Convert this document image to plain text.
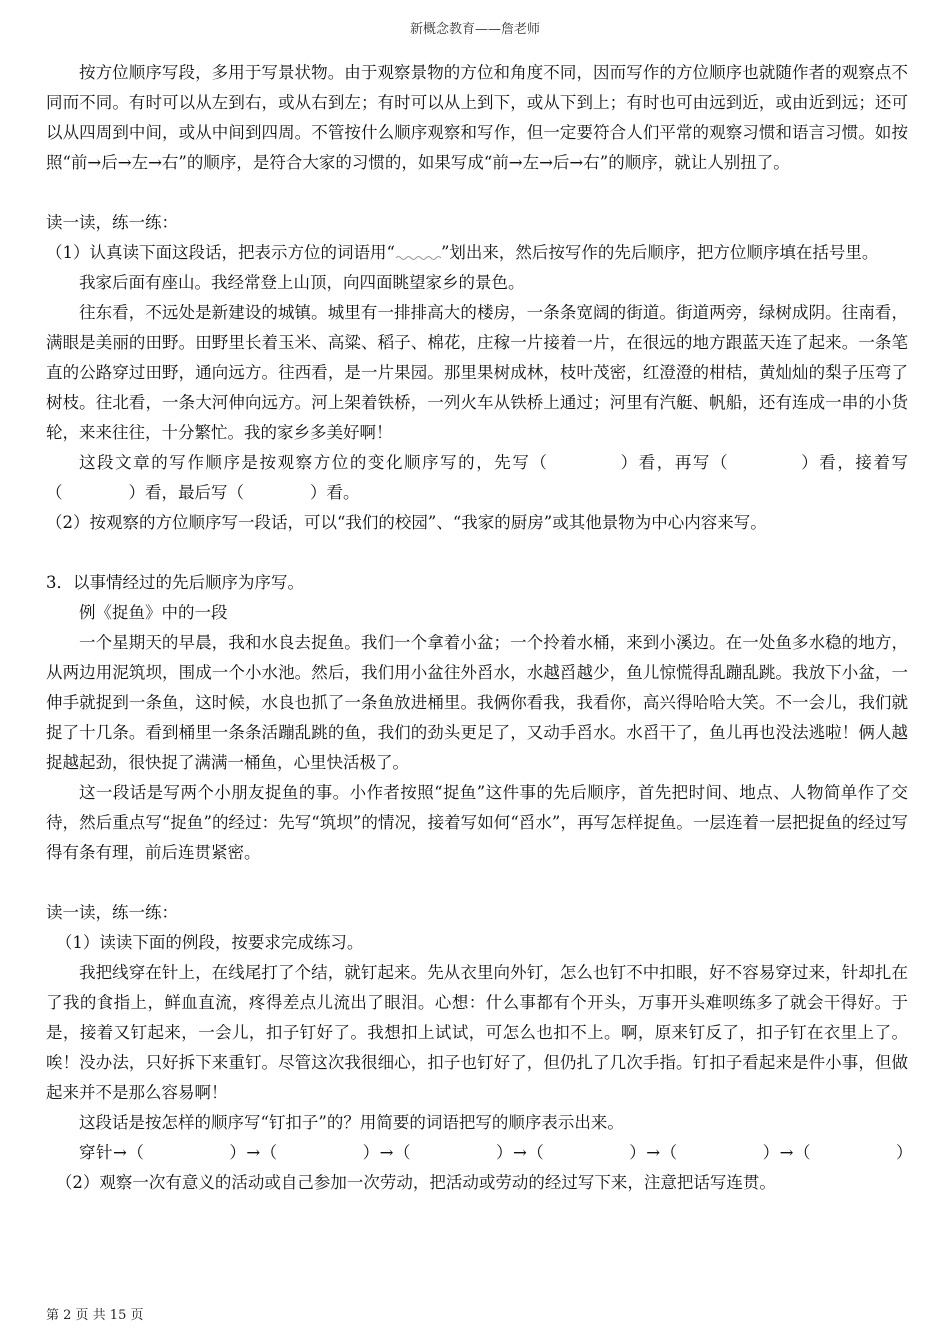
新概念教育——詹老师

按方位顺序写段，多用于写景状物。由于观察景物的方位和角度不同，因而写作的方位顺序也就随作者的观察点不同而不同。有时可以从左到右，或从右到左；有时可以从上到下，或从下到上；有时也可由远到近，或由近到远；还可以从四周到中间，或从中间到四周。不管按什么顺序观察和写作，但一定要符合人们平常的观察习惯和语言习惯。如按照“前→后→左→右”的顺序，是符合大家的习惯的，如果写成“前→左→后→右”的顺序，就让人别扭了。

读一读，练一练：

（1）认真读下面这段话，把表示方位的词语用“	”划出来，然后按写作的先后顺序，把方位顺序填在括号里。

我家后面有座山。我经常登上山顶，向四面眺望家乡的景色。

往东看，不远处是新建设的城镇。城里有一排排高大的楼房，一条条宽阔的街道。街道两旁，绿树成阴。往南看，满眼是美丽的田野。田野里长着玉米、高粱、稻子、棉花，庄稼一片接着一片，在很远的地方跟蓝天连了起来。一条笔直的公路穿过田野，通向远方。往西看，是一片果园。那里果树成林，枝叶茂密，红澄澄的柑桔，黄灿灿的梨子压弯了树枝。往北看，一条大河伸向远方。河上架着铁桥，一列火车从铁桥上通过；河里有汽艇、帆船，还有连成一串的小货轮，来来往往，十分繁忙。我的家乡多美好啊！

这段文章的写作顺序是按观察方位的变化顺序写的，先写（　　　　）看，再写（　　　　）看，接着写（　　　　）看，最后写（　　　　）看。

（2）按观察的方位顺序写一段话，可以“我们的校园”、“我家的厨房”或其他景物为中心内容来写。

3．以事情经过的先后顺序为序写。

例《捉鱼》中的一段

一个星期天的早晨，我和水良去捉鱼。我们一个拿着小盆；一个拎着水桶，来到小溪边。在一处鱼多水稳的地方，从两边用泥筑坝，围成一个小水池。然后，我们用小盆往外舀水，水越舀越少，鱼儿惊慌得乱蹦乱跳。我放下小盆，一伸手就捉到一条鱼，这时候，水良也抓了一条鱼放进桶里。我俩你看我，我看你，高兴得哈哈大笑。不一会儿，我们就捉了十几条。看到桶里一条条活蹦乱跳的鱼，我们的劲头更足了，又动手舀水。水舀干了，鱼儿再也没法逃啦！俩人越捉越起劲，很快捉了满满一桶鱼，心里快活极了。

这一段话是写两个小朋友捉鱼的事。小作者按照“捉鱼”这件事的先后顺序，首先把时间、地点、人物简单作了交待，然后重点写“捉鱼”的经过：先写“筑坝”的情况，接着写如何“舀水”，再写怎样捉鱼。一层连着一层把捉鱼的经过写得有条有理，前后连贯紧密。

读一读，练一练：

（1）读读下面的例段，按要求完成练习。

我把线穿在针上，在线尾打了个结，就钉起来。先从衣里向外钉，怎么也钉不中扣眼，好不容易穿过来，针却扎在了我的食指上，鲜血直流，疼得差点儿流出了眼泪。心想：什么事都有个开头，万事开头难呗练多了就会干得好。于是，接着又钉起来，一会儿，扣子钉好了。我想扣上试试，可怎么也扣不上。啊，原来钉反了，扣子钉在衣里上了。唉！没办法，只好拆下来重钉。尽管这次我很细心，扣子也钉好了，但仍扎了几次手指。钉扣子看起来是件小事，但做起来并不是那么容易啊！

这段话是按怎样的顺序写“钉扣子”的？用简要的词语把写的顺序表示出来。

穿针→（　　　　　）→（　　　　　）→（　　　　　）→（　　　　　）→（　　　　　）→（　　　　　）

（2）观察一次有意义的活动或自己参加一次劳动，把活动或劳动的经过写下来，注意把话写连贯。

第 2 页 共 15 页
